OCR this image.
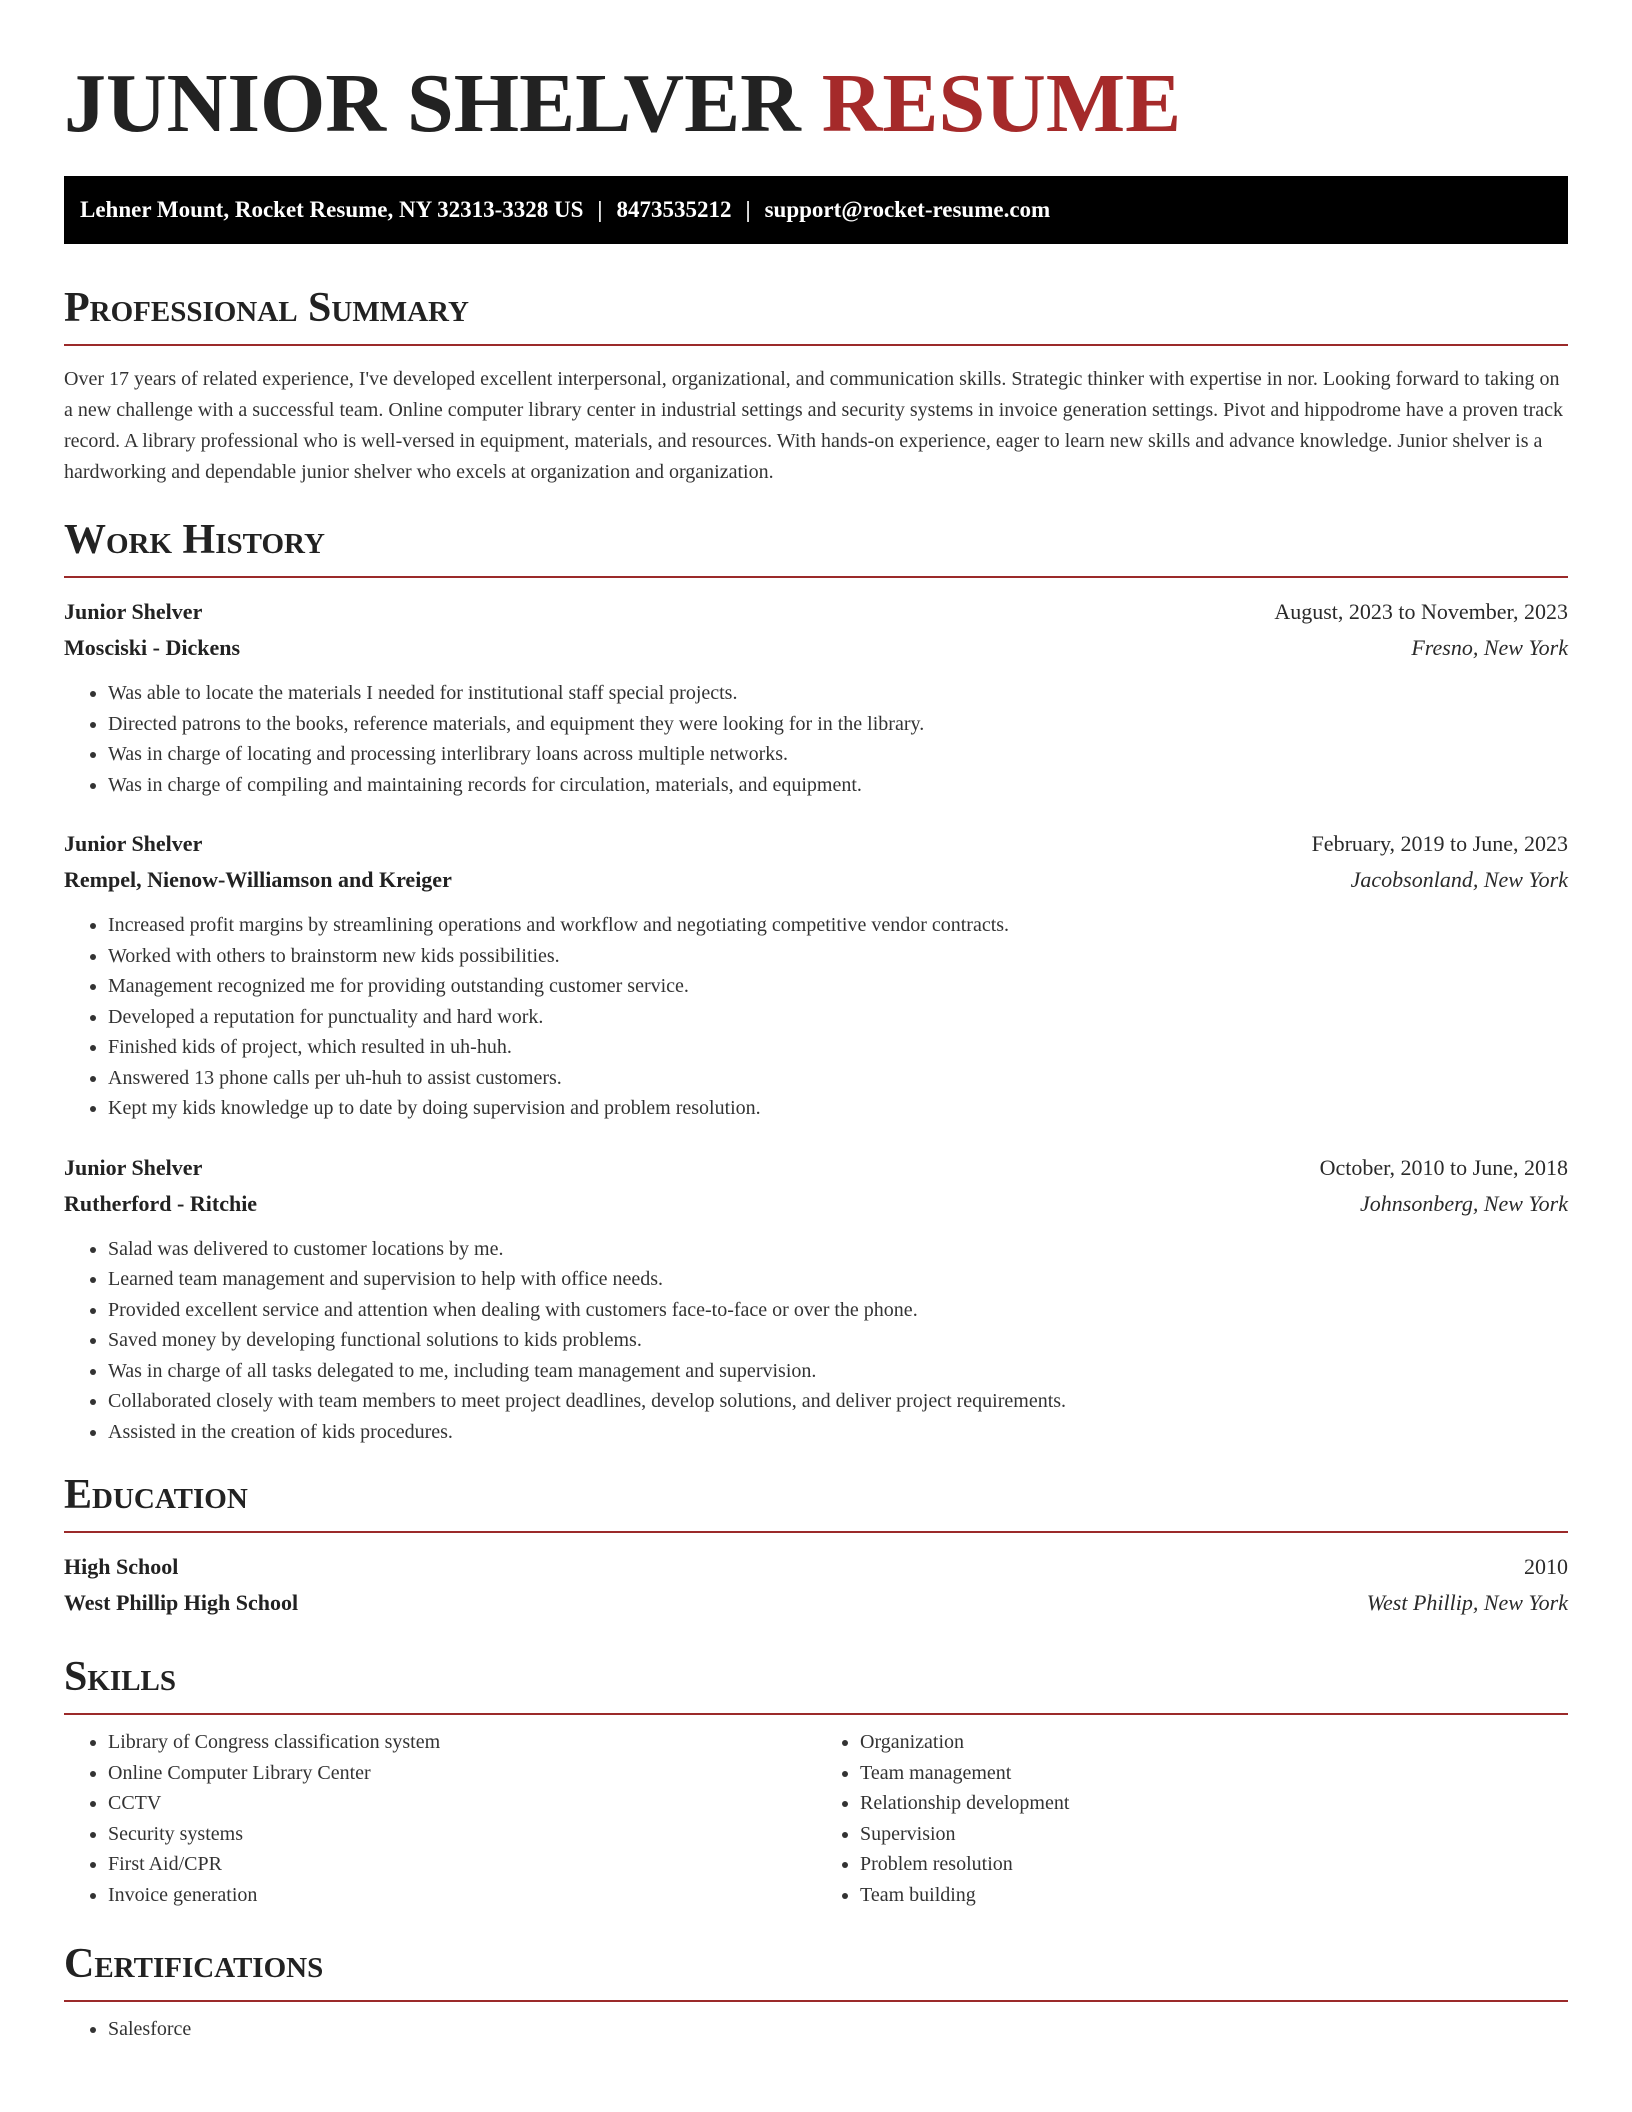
JUNIOR SHELVER RESUME
Lehner Mount, Rocket Resume, NY 32313-3328 US | 8473535212 | support@rocket-resume.com
Professional Summary

Over 17 years of related experience, I've developed excellent interpersonal, organizational, and communication skills. Strategic thinker with expertise in nor. Looking forward to taking on a new challenge with a successful team. Online computer library center in industrial settings and security systems in invoice generation settings. Pivot and hippodrome have a proven track record. A library professional who is well-versed in equipment, materials, and resources. With hands-on experience, eager to learn new skills and advance knowledge. Junior shelver is a hardworking and dependable junior shelver who excels at organization and organization.

Work History
Junior Shelver	August, 2023 to November, 2023
Mosciski - Dickens	Fresno, New York
• Was able to locate the materials I needed for institutional staff special projects.
• Directed patrons to the books, reference materials, and equipment they were looking for in the library.
• Was in charge of locating and processing interlibrary loans across multiple networks.
• Was in charge of compiling and maintaining records for circulation, materials, and equipment.
Junior Shelver	February, 2019 to June, 2023
Rempel, Nienow-Williamson and Kreiger	Jacobsonland, New York
• Increased profit margins by streamlining operations and workflow and negotiating competitive vendor contracts.
• Worked with others to brainstorm new kids possibilities.
• Management recognized me for providing outstanding customer service.
• Developed a reputation for punctuality and hard work.
• Finished kids of project, which resulted in uh-huh.
• Answered 13 phone calls per uh-huh to assist customers.
• Kept my kids knowledge up to date by doing supervision and problem resolution.
Junior Shelver	October, 2010 to June, 2018
Rutherford - Ritchie	Johnsonberg, New York
• Salad was delivered to customer locations by me.
• Learned team management and supervision to help with office needs.
• Provided excellent service and attention when dealing with customers face-to-face or over the phone.
• Saved money by developing functional solutions to kids problems.
• Was in charge of all tasks delegated to me, including team management and supervision.
• Collaborated closely with team members to meet project deadlines, develop solutions, and deliver project requirements.
• Assisted in the creation of kids procedures.
Education
High School	2010
West Phillip High School	West Phillip, New York
Skills
• Library of Congress classification system
• Online Computer Library Center
• CCTV
• Security systems
• First Aid/CPR
• Invoice generation
• Organization
• Team management
• Relationship development
• Supervision
• Problem resolution
• Team building
Certifications
• Salesforce
